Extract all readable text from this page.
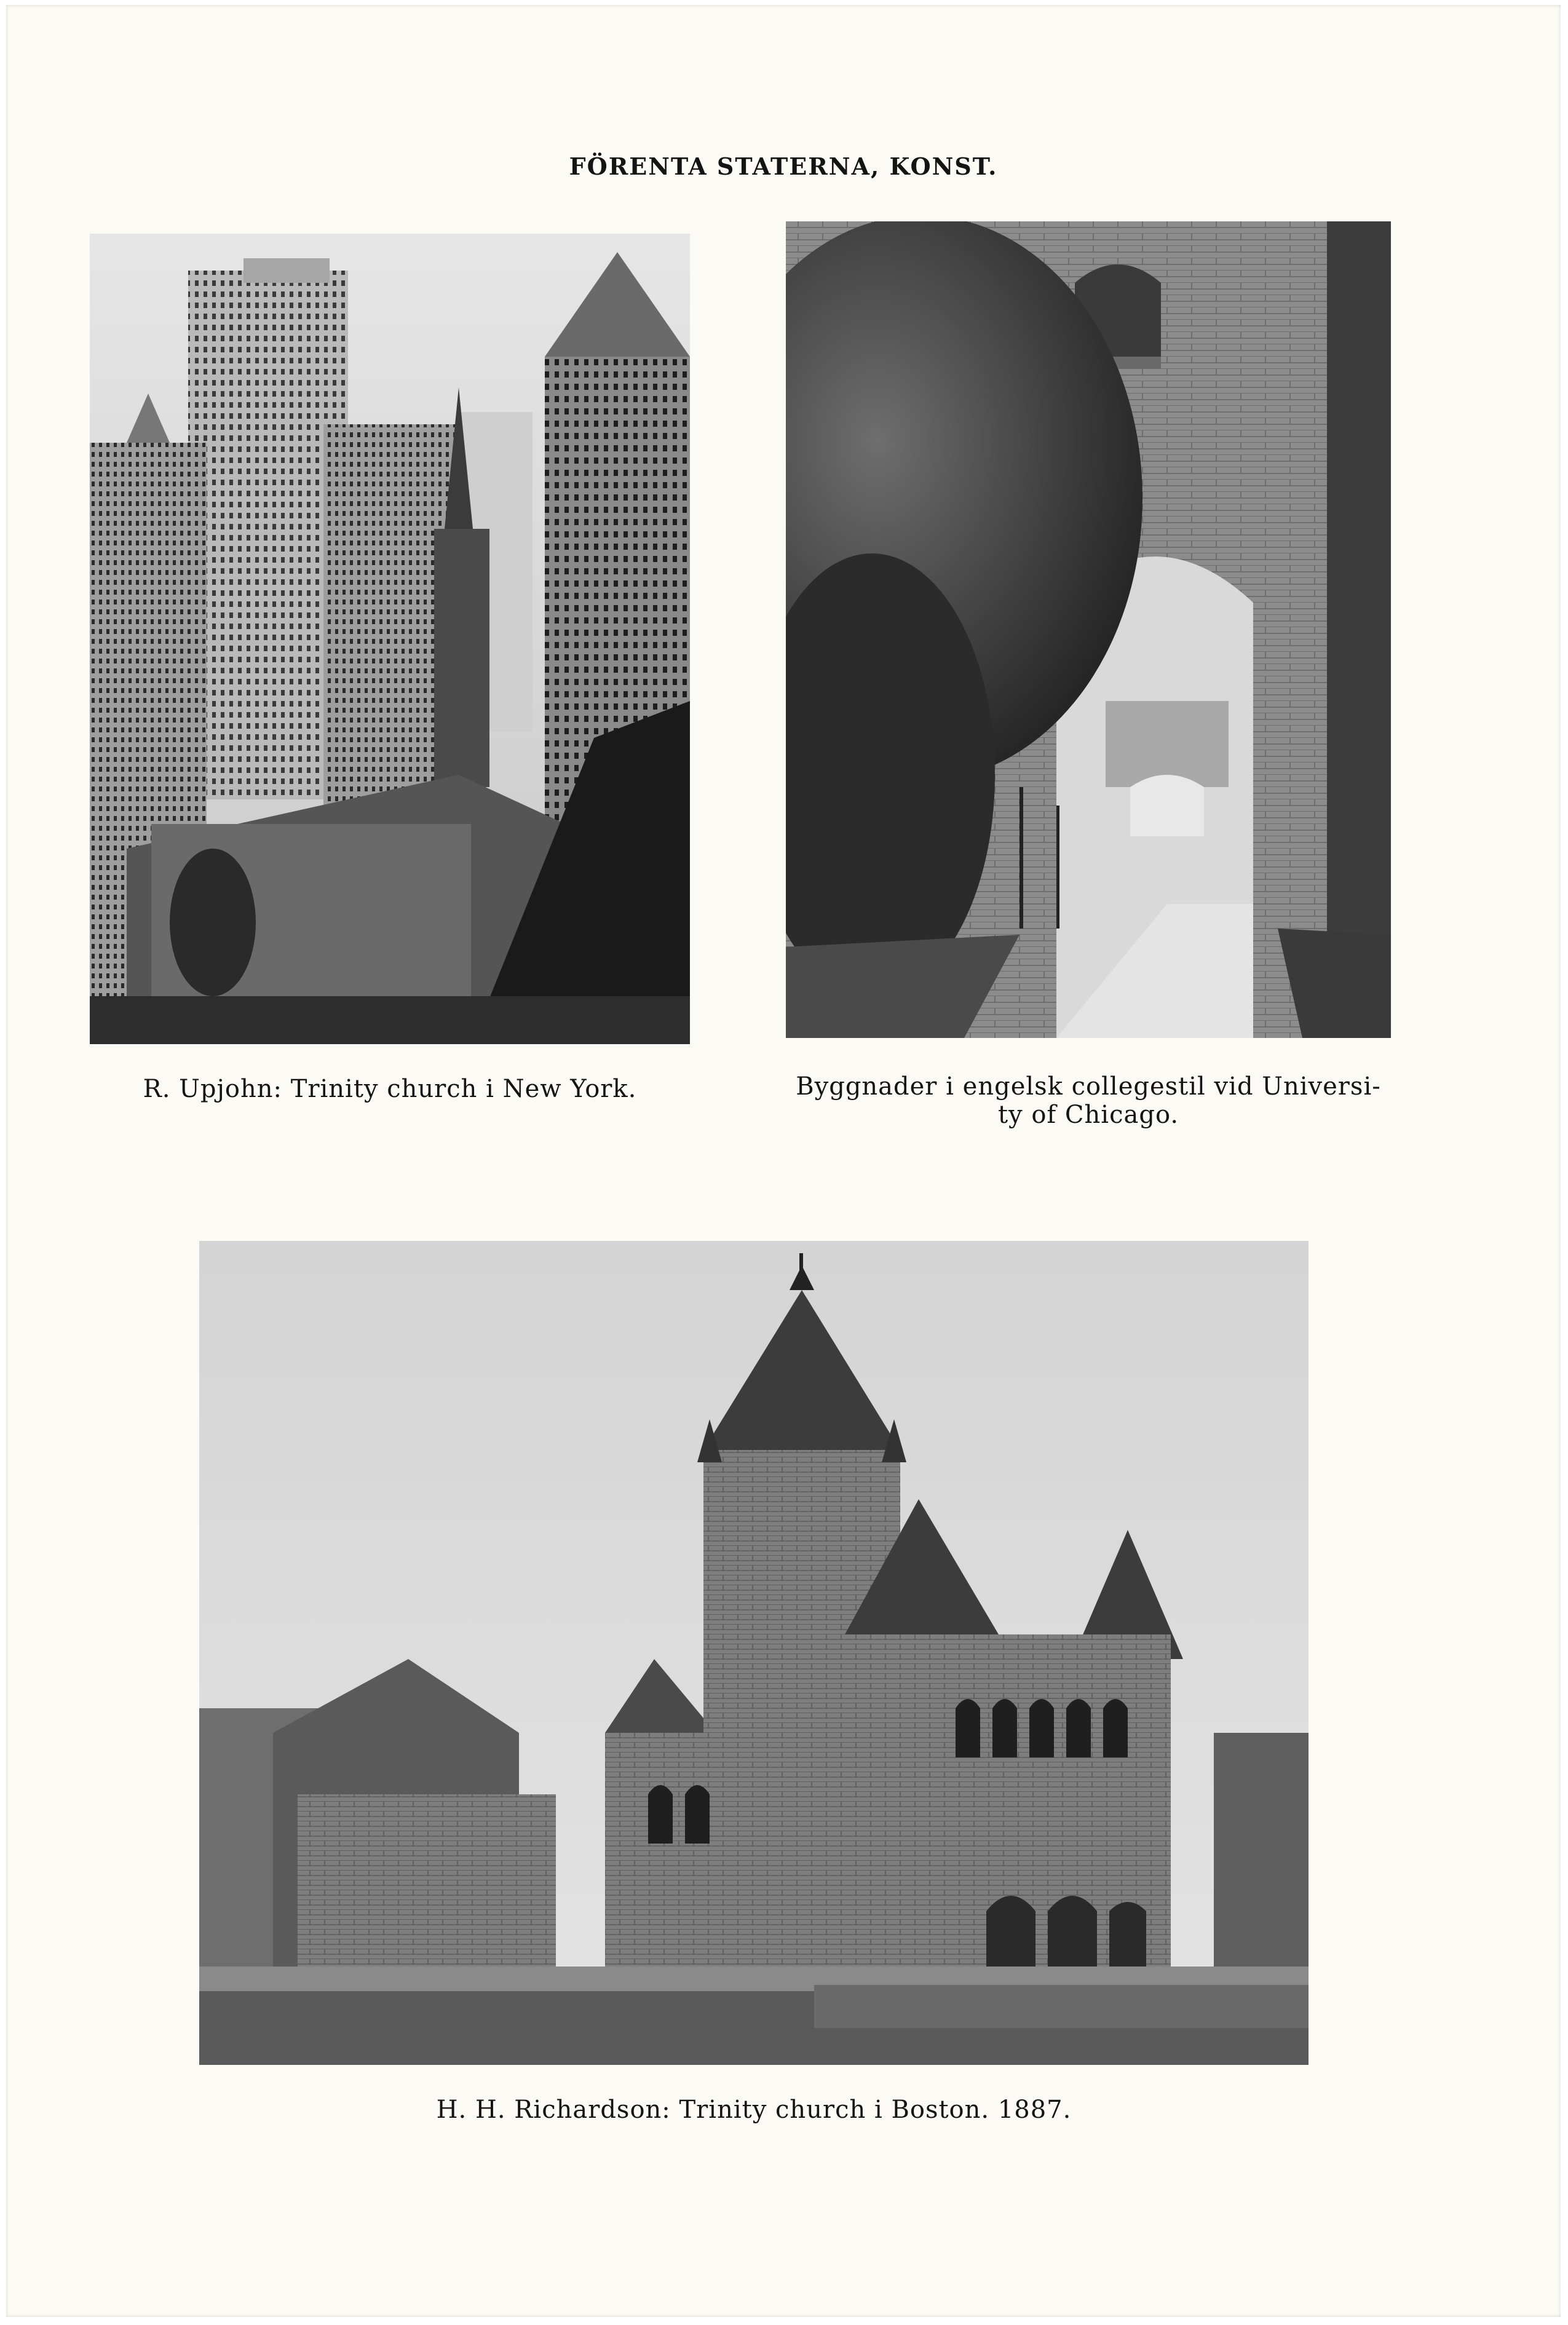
FÖRENTA STATERNA, KONST.
R. Upjohn: Trinity church i New York.	Byggnader i engelsk collegestil vid Universi-
ty of Chicago.
H. H. Richardson: Trinity church i Boston. 1887.
